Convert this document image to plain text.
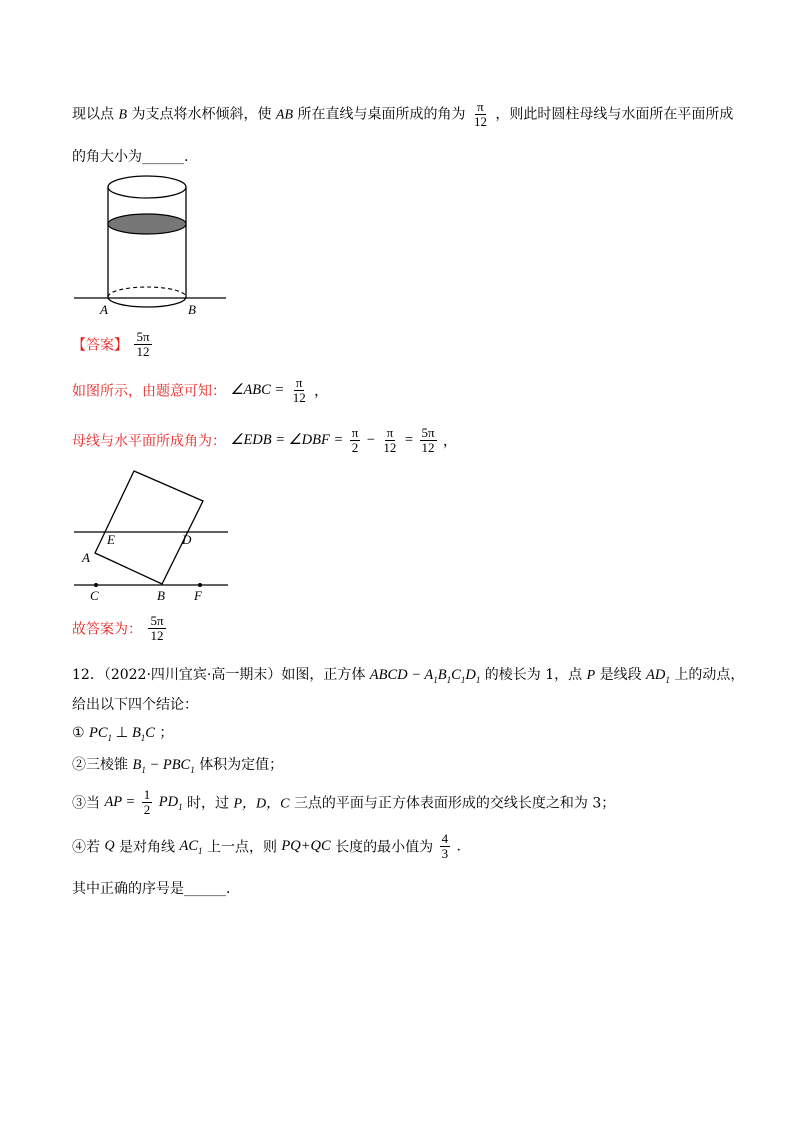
现以点 B 为支点将水杯倾斜，使 AB 所在直线与桌面所成的角为 $\frac{\pi}{12}$ ，则此时圆柱母线与水面所在平面所成
的角大小为______.
A	B
【答案】 $\frac{5\pi}{12}$
如图所示，由题意可知： ∠ABC = $\frac{\pi}{12}$ ，
母线与水平面所成角为： ∠EDB = ∠DBF = $\frac{\pi}{2} - \frac{\pi}{12} = \frac{5\pi}{12}$ ，
E	D
A
C	B F
故答案为： $\frac{5\pi}{12}$
12．（2022·四川宜宾·高一期末）如图，正方体 ABCD − $A_1B_1C_1D_1$ 的棱长为 1，点 P 是线段 $AD_1$ 上的动点，
给出以下四个结论：
① $PC_1$ ⊥ $B_1C$ ；
②三棱锥 $B_1 - PBC_1$ 体积为定值；
③当 AP = $\frac{1}{2} PD_1$ 时，过 P，D，C 三点的平面与正方体表面形成的交线长度之和为 3；
④若 Q 是对角线 $AC_1$ 上一点，则 PQ+QC 长度的最小值为 $\frac{4}{3}$ .
其中正确的序号是______.
